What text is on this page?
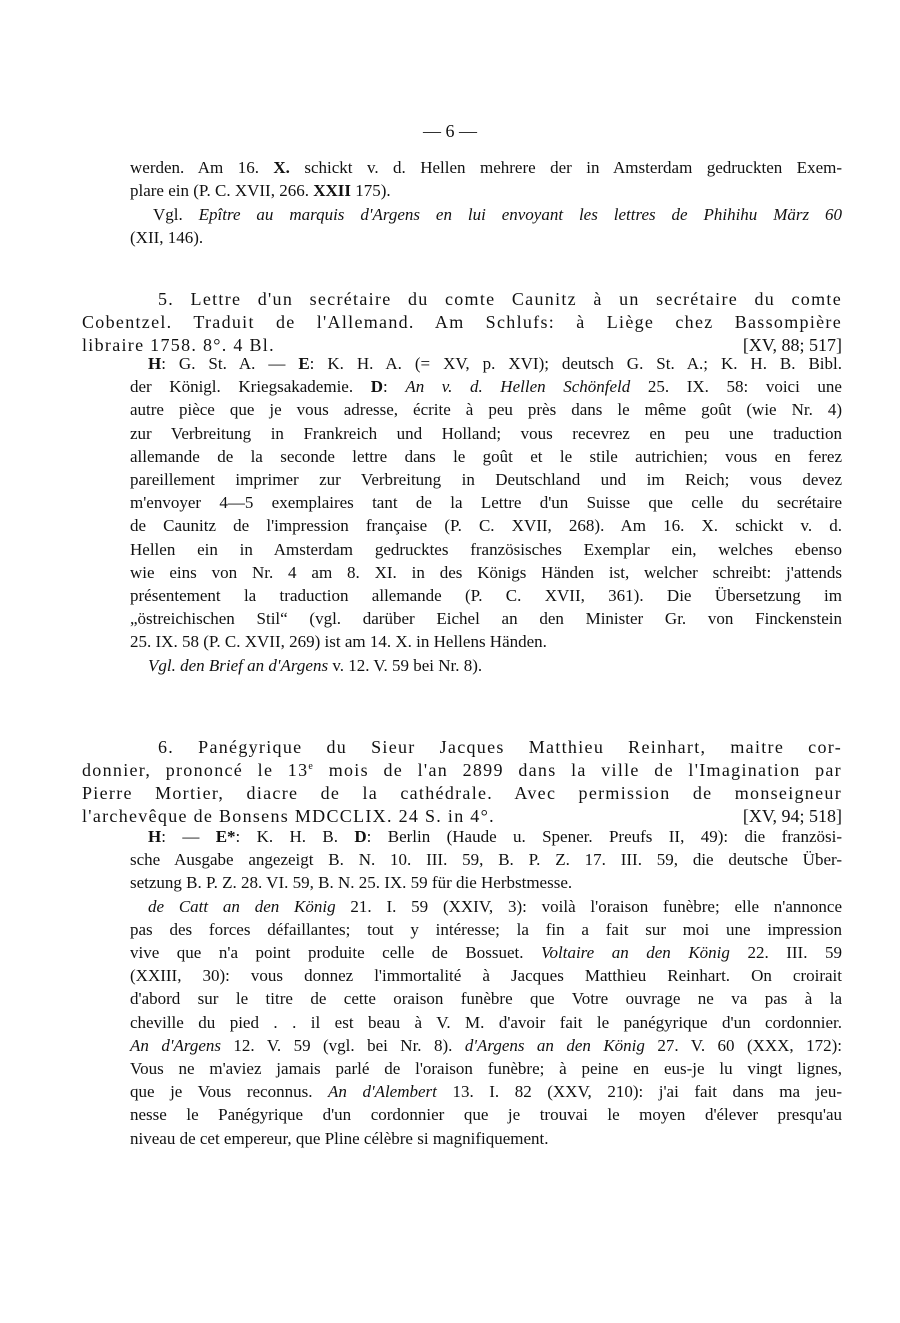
— 6 —
werden. Am 16. X. schickt v. d. Hellen mehrere der in Amsterdam gedruckten Exem-
plare ein (P. C. XVII, 266. XXII 175).
Vgl. Epître au marquis d'Argens en lui envoyant les lettres de Phihihu März 60
(XII, 146).
5. Lettre d'un secrétaire du comte Caunitz à un secrétaire du comte
Cobentzel. Traduit de l'Allemand. Am Schlufs: à Liège chez Bassompière
libraire 1758. 8°. 4 Bl.	[XV, 88; 517]
H: G. St. A. — E: K. H. A. (= XV, p. XVI); deutsch G. St. A.; K. H. B. Bibl.
der Königl. Kriegsakademie. D: An v. d. Hellen Schönfeld 25. IX. 58: voici une
autre pièce que je vous adresse, écrite à peu près dans le même goût (wie Nr. 4)
zur Verbreitung in Frankreich und Holland; vous recevrez en peu une traduction
allemande de la seconde lettre dans le goût et le stile autrichien; vous en ferez
pareillement imprimer zur Verbreitung in Deutschland und im Reich; vous devez
m'envoyer 4—5 exemplaires tant de la Lettre d'un Suisse que celle du secrétaire
de Caunitz de l'impression française (P. C. XVII, 268). Am 16. X. schickt v. d.
Hellen ein in Amsterdam gedrucktes französisches Exemplar ein, welches ebenso
wie eins von Nr. 4 am 8. XI. in des Königs Händen ist, welcher schreibt: j'attends
présentement la traduction allemande (P. C. XVII, 361). Die Übersetzung im
„östreichischen Stil“ (vgl. darüber Eichel an den Minister Gr. von Finckenstein
25. IX. 58 (P. C. XVII, 269) ist am 14. X. in Hellens Händen.
Vgl. den Brief an d'Argens v. 12. V. 59 bei Nr. 8).
6. Panégyrique du Sieur Jacques Matthieu Reinhart, maitre cor-
donnier, prononcé le 13e mois de l'an 2899 dans la ville de l'Imagination par
Pierre Mortier, diacre de la cathédrale. Avec permission de monseigneur
l'archevêque de Bonsens MDCCLIX. 24 S. in 4°.	[XV, 94; 518]
H: — E*: K. H. B. D: Berlin (Haude u. Spener. Preufs II, 49): die französi-
sche Ausgabe angezeigt B. N. 10. III. 59, B. P. Z. 17. III. 59, die deutsche Über-
setzung B. P. Z. 28. VI. 59, B. N. 25. IX. 59 für die Herbstmesse.
de Catt an den König 21. I. 59 (XXIV, 3): voilà l'oraison funèbre; elle n'annonce
pas des forces défaillantes; tout y intéresse; la fin a fait sur moi une impression
vive que n'a point produite celle de Bossuet. Voltaire an den König 22. III. 59
(XXIII, 30): vous donnez l'immortalité à Jacques Matthieu Reinhart. On croirait
d'abord sur le titre de cette oraison funèbre que Votre ouvrage ne va pas à la
cheville du pied . . il est beau à V. M. d'avoir fait le panégyrique d'un cordonnier.
An d'Argens 12. V. 59 (vgl. bei Nr. 8). d'Argens an den König 27. V. 60 (XXX, 172):
Vous ne m'aviez jamais parlé de l'oraison funèbre; à peine en eus-je lu vingt lignes,
que je Vous reconnus. An d'Alembert 13. I. 82 (XXV, 210): j'ai fait dans ma jeu-
nesse le Panégyrique d'un cordonnier que je trouvai le moyen d'élever presqu'au
niveau de cet empereur, que Pline célèbre si magnifiquement.
